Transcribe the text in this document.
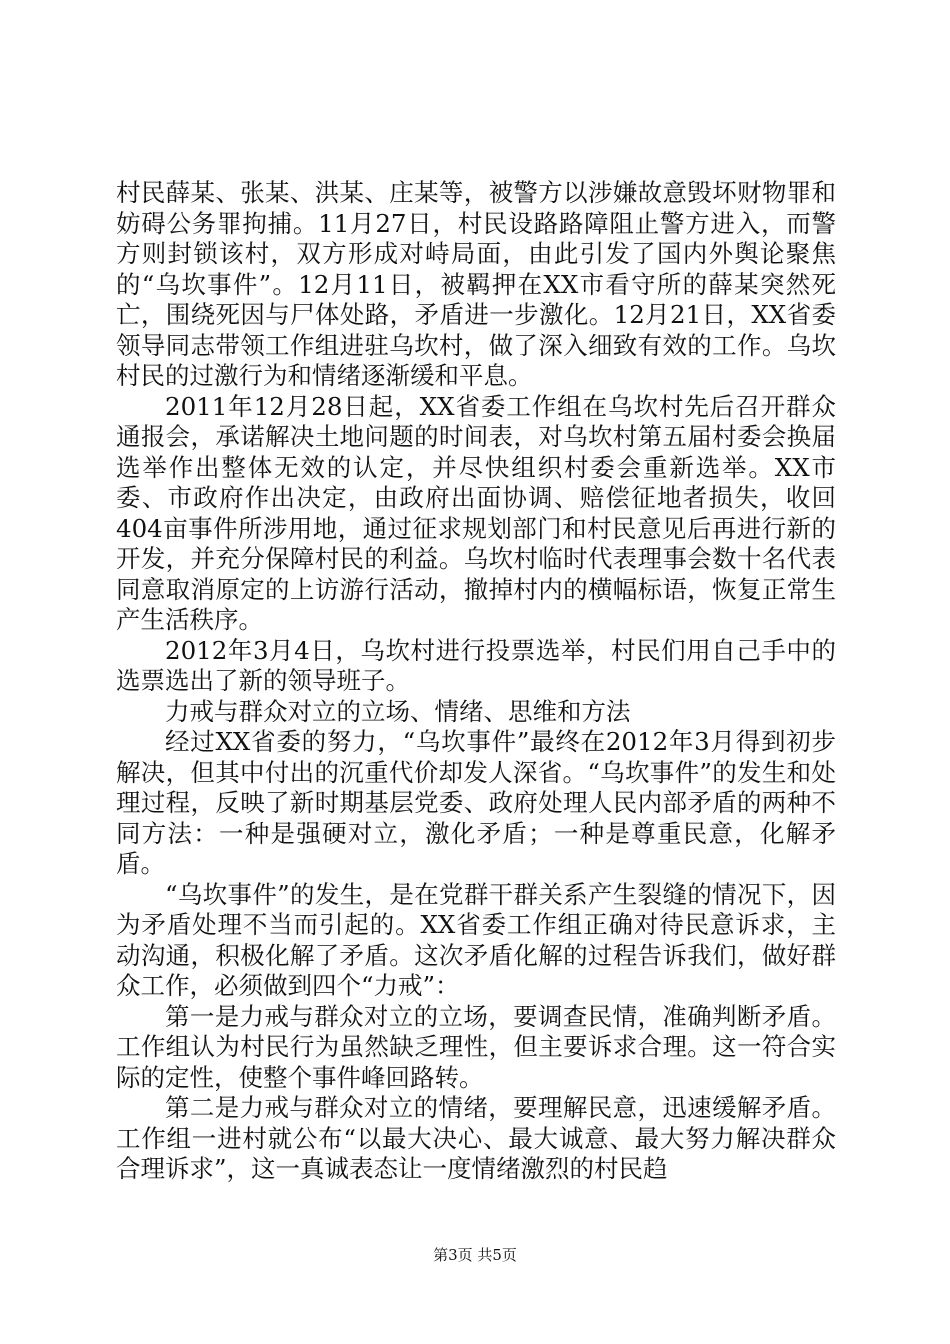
村民薛某、张某、洪某、庄某等，被警方以涉嫌故意毁坏财物罪和妨碍公务罪拘捕。11月27日，村民设路路障阻止警方进入，而警方则封锁该村，双方形成对峙局面，由此引发了国内外舆论聚焦的“乌坎事件”。12月11日，被羁押在XX市看守所的薛某突然死亡，围绕死因与尸体处路，矛盾进一步激化。12月21日，XX省委领导同志带领工作组进驻乌坎村，做了深入细致有效的工作。乌坎村民的过激行为和情绪逐渐缓和平息。

2011年12月28日起，XX省委工作组在乌坎村先后召开群众通报会，承诺解决土地问题的时间表，对乌坎村第五届村委会换届选举作出整体无效的认定，并尽快组织村委会重新选举。XX市委、市政府作出决定，由政府出面协调、赔偿征地者损失，收回404亩事件所涉用地，通过征求规划部门和村民意见后再进行新的开发，并充分保障村民的利益。乌坎村临时代表理事会数十名代表同意取消原定的上访游行活动，撤掉村内的横幅标语，恢复正常生产生活秩序。

2012年3月4日，乌坎村进行投票选举，村民们用自己手中的选票选出了新的领导班子。

力戒与群众对立的立场、情绪、思维和方法

经过XX省委的努力，“乌坎事件”最终在2012年3月得到初步解决，但其中付出的沉重代价却发人深省。“乌坎事件”的发生和处理过程，反映了新时期基层党委、政府处理人民内部矛盾的两种不同方法：一种是强硬对立，激化矛盾；一种是尊重民意，化解矛盾。

“乌坎事件”的发生，是在党群干群关系产生裂缝的情况下，因为矛盾处理不当而引起的。XX省委工作组正确对待民意诉求，主动沟通，积极化解了矛盾。这次矛盾化解的过程告诉我们，做好群众工作，必须做到四个“力戒”：

第一是力戒与群众对立的立场，要调查民情，准确判断矛盾。工作组认为村民行为虽然缺乏理性，但主要诉求合理。这一符合实际的定性，使整个事件峰回路转。

第二是力戒与群众对立的情绪，要理解民意，迅速缓解矛盾。工作组一进村就公布“以最大决心、最大诚意、最大努力解决群众合理诉求”，这一真诚表态让一度情绪激烈的村民趋

第3页 共5页
